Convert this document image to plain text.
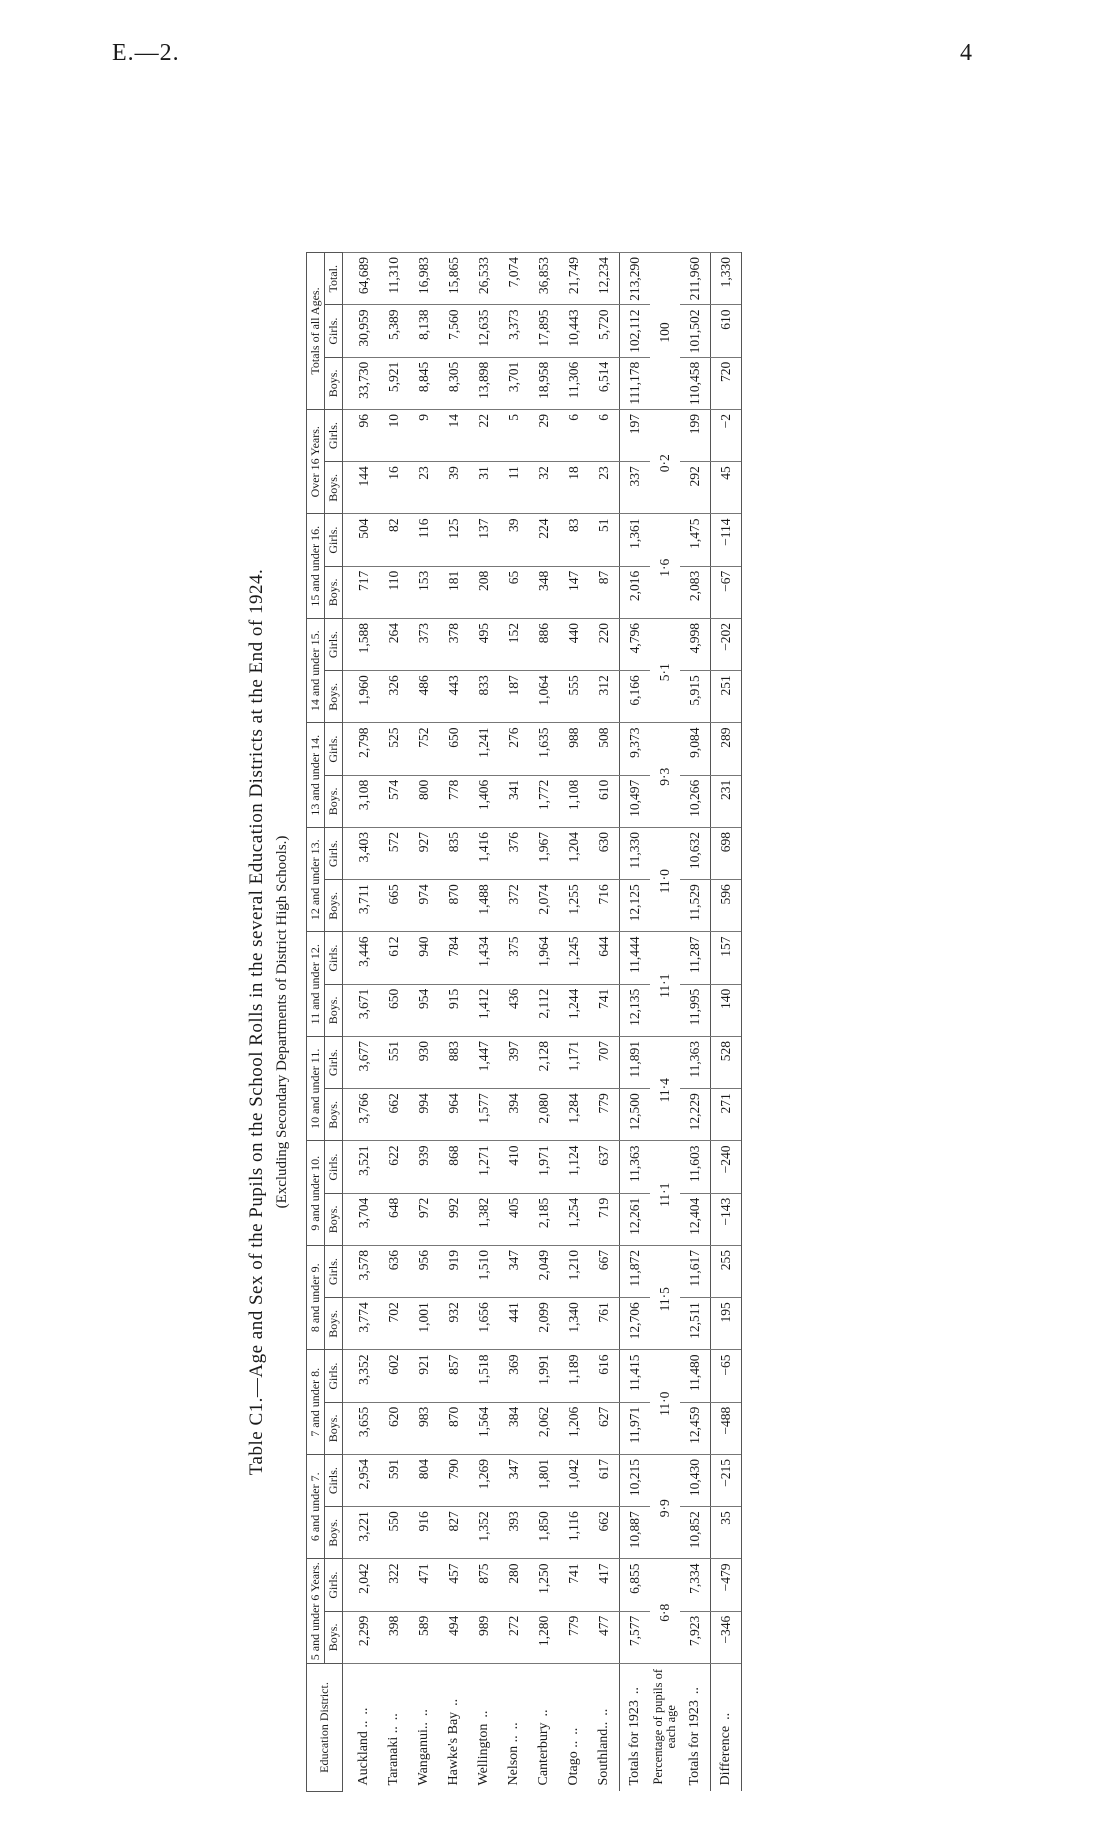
E.—2.	4
Table C1.—Age and Sex of the Pupils on the School Rolls in the several Education Districts at the End of 1924. (Excluding Secondary Departments of District High Schools.)
Education District.	5 and under 6 Years.		6 and under 7.		7 and under 8.		8 and under 9.		9 and under 10.		10 and under 11.		11 and under 12.		12 and under 13.		13 and under 14.		14 and under 15.		15 and under 16.		Over 16 Years.		Totals of all Ages.		
	Boys.	Girls.	Boys.	Girls.	Boys.	Girls.	Boys.	Girls.	Boys.	Girls.	Boys.	Girls.	Boys.	Girls.	Boys.	Girls.	Boys.	Girls.	Boys.	Girls.	Boys.	Girls.	Boys.	Girls.	Boys.	Girls.	Total.
Auckland ....	2,299	2,042	3,221	2,954	3,655	3,352	3,774	3,578	3,704	3,521	3,766	3,677	3,671	3,446	3,711	3,403	3,108	2,798	1,960	1,588	717	504	144	96	33,730	30,959	64,689
Taranaki ....	398	322	550	591	620	602	702	636	648	622	662	551	650	612	665	572	574	525	326	264	110	82	16	10	5,921	5,389	11,310
Wanganui....	589	471	916	804	983	921	1,001	956	972	939	994	930	954	940	974	927	800	752	486	373	153	116	23	9	8,845	8,138	16,983
Hawke's Bay..	494	457	827	790	870	857	932	919	992	868	964	883	915	784	870	835	778	650	443	378	181	125	39	14	8,305	7,560	15,865
Wellington..	989	875	1,352	1,269	1,564	1,518	1,656	1,510	1,382	1,271	1,577	1,447	1,412	1,434	1,488	1,416	1,406	1,241	833	495	208	137	31	22	13,898	12,635	26,533
Nelson ....	272	280	393	347	384	369	441	347	405	410	394	397	436	375	372	376	341	276	187	152	65	39	11	5	3,701	3,373	7,074
Canterbury..	1,280	1,250	1,850	1,801	2,062	1,991	2,099	2,049	2,185	1,971	2,080	2,128	2,112	1,964	2,074	1,967	1,772	1,635	1,064	886	348	224	32	29	18,958	17,895	36,853
Otago ....	779	741	1,116	1,042	1,206	1,189	1,340	1,210	1,254	1,124	1,284	1,171	1,244	1,245	1,255	1,204	1,108	988	555	440	147	83	18	6	11,306	10,443	21,749
Southland....	477	417	662	617	627	616	761	667	719	637	779	707	741	644	716	630	610	508	312	220	87	51	23	6	6,514	5,720	12,234
Totals for 1923..	7,577	6,855	10,887	10,215	11,971	11,415	12,706	11,872	12,261	11,363	12,500	11,891	12,135	11,444	12,125	11,330	10,497	9,373	6,166	4,796	2,016	1,361	337	197	111,178	102,112	213,290
Percentage of pupils of each age	6·8		9·9		11·0		11·5		11·1		11·4		11·1		11·0		9·3		5·1		1·6		0·2		100		
Totals for 1923..	7,923	7,334	10,852	10,430	12,459	11,480	12,511	11,617	12,404	11,603	12,229	11,363	11,995	11,287	11,529	10,632	10,266	9,084	5,915	4,998	2,083	1,475	292	199	110,458	101,502	211,960
Difference..	−346	−479	35	−215	−488	−65	195	255	−143	−240	271	528	140	157	596	698	231	289	251	−202	−67	−114	45	−2	720	610	1,330
